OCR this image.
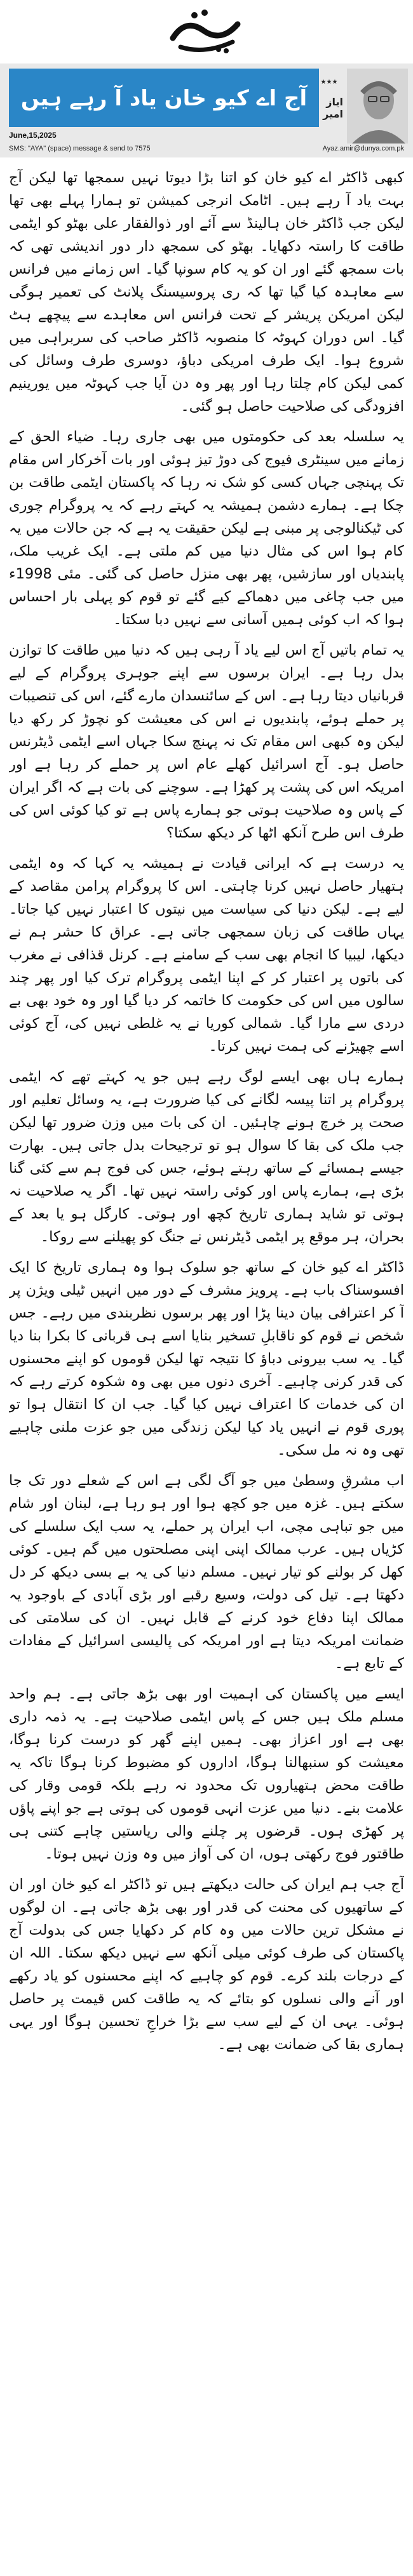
آج اے کیو خان یاد آ رہے ہیں
★★★
ایاز امیر
June,15,2025
SMS: "AYA" (space) message & send to 7575	Ayaz.amir@dunya.com.pk

کبھی ڈاکٹر اے کیو خان کو اتنا بڑا دیوتا نہیں سمجھا تھا لیکن آج بہت یاد آ رہے ہیں۔ اٹامک انرجی کمیشن تو ہمارا پہلے بھی تھا لیکن جب ڈاکٹر خان ہالینڈ سے آئے اور ذوالفقار علی بھٹو کو ایٹمی طاقت کا راستہ دکھایا۔ بھٹو کی سمجھ دار دور اندیشی تھی کہ بات سمجھ گئے اور ان کو یہ کام سونپا گیا۔ اس زمانے میں فرانس سے معاہدہ کیا گیا تھا کہ ری پروسیسنگ پلانٹ کی تعمیر ہوگی لیکن امریکن پریشر کے تحت فرانس اس معاہدے سے پیچھے ہٹ گیا۔ اس دوران کہوٹہ کا منصوبہ ڈاکٹر صاحب کی سربراہی میں شروع ہوا۔ ایک طرف امریکی دباؤ، دوسری طرف وسائل کی کمی لیکن کام چلتا رہا اور پھر وہ دن آیا جب کہوٹہ میں یورینیم افزودگی کی صلاحیت حاصل ہو گئی۔

یہ سلسلہ بعد کی حکومتوں میں بھی جاری رہا۔ ضیاء الحق کے زمانے میں سینٹری فیوج کی دوڑ تیز ہوئی اور بات آخرکار اس مقام تک پہنچی جہاں کسی کو شک نہ رہا کہ پاکستان ایٹمی طاقت بن چکا ہے۔ ہمارے دشمن ہمیشہ یہ کہتے رہے کہ یہ پروگرام چوری کی ٹیکنالوجی پر مبنی ہے لیکن حقیقت یہ ہے کہ جن حالات میں یہ کام ہوا اس کی مثال دنیا میں کم ملتی ہے۔ ایک غریب ملک، پابندیاں اور سازشیں، پھر بھی منزل حاصل کی گئی۔ مئی 1998ء میں جب چاغی میں دھماکے کیے گئے تو قوم کو پہلی بار احساس ہوا کہ اب کوئی ہمیں آسانی سے نہیں دبا سکتا۔

یہ تمام باتیں آج اس لیے یاد آ رہی ہیں کہ دنیا میں طاقت کا توازن بدل رہا ہے۔ ایران برسوں سے اپنے جوہری پروگرام کے لیے قربانیاں دیتا رہا ہے۔ اس کے سائنسدان مارے گئے، اس کی تنصیبات پر حملے ہوئے، پابندیوں نے اس کی معیشت کو نچوڑ کر رکھ دیا لیکن وہ کبھی اس مقام تک نہ پہنچ سکا جہاں اسے ایٹمی ڈیٹرنس حاصل ہو۔ آج اسرائیل کھلے عام اس پر حملے کر رہا ہے اور امریکہ اس کی پشت پر کھڑا ہے۔ سوچنے کی بات ہے کہ اگر ایران کے پاس وہ صلاحیت ہوتی جو ہمارے پاس ہے تو کیا کوئی اس کی طرف اس طرح آنکھ اٹھا کر دیکھ سکتا؟

یہ درست ہے کہ ایرانی قیادت نے ہمیشہ یہ کہا کہ وہ ایٹمی ہتھیار حاصل نہیں کرنا چاہتی۔ اس کا پروگرام پرامن مقاصد کے لیے ہے۔ لیکن دنیا کی سیاست میں نیتوں کا اعتبار نہیں کیا جاتا۔ یہاں طاقت کی زبان سمجھی جاتی ہے۔ عراق کا حشر ہم نے دیکھا، لیبیا کا انجام بھی سب کے سامنے ہے۔ کرنل قذافی نے مغرب کی باتوں پر اعتبار کر کے اپنا ایٹمی پروگرام ترک کیا اور پھر چند سالوں میں اس کی حکومت کا خاتمہ کر دیا گیا اور وہ خود بھی بے دردی سے مارا گیا۔ شمالی کوریا نے یہ غلطی نہیں کی، آج کوئی اسے چھیڑنے کی ہمت نہیں کرتا۔

ہمارے ہاں بھی ایسے لوگ رہے ہیں جو یہ کہتے تھے کہ ایٹمی پروگرام پر اتنا پیسہ لگانے کی کیا ضرورت ہے، یہ وسائل تعلیم اور صحت پر خرچ ہونے چاہئیں۔ ان کی بات میں وزن ضرور تھا لیکن جب ملک کی بقا کا سوال ہو تو ترجیحات بدل جاتی ہیں۔ بھارت جیسے ہمسائے کے ساتھ رہتے ہوئے، جس کی فوج ہم سے کئی گنا بڑی ہے، ہمارے پاس اور کوئی راستہ نہیں تھا۔ اگر یہ صلاحیت نہ ہوتی تو شاید ہماری تاریخ کچھ اور ہوتی۔ کارگل ہو یا بعد کے بحران، ہر موقع پر ایٹمی ڈیٹرنس نے جنگ کو پھیلنے سے روکا۔

ڈاکٹر اے کیو خان کے ساتھ جو سلوک ہوا وہ ہماری تاریخ کا ایک افسوسناک باب ہے۔ پرویز مشرف کے دور میں انہیں ٹیلی ویژن پر آ کر اعترافی بیان دینا پڑا اور پھر برسوں نظربندی میں رہے۔ جس شخص نے قوم کو ناقابلِ تسخیر بنایا اسے ہی قربانی کا بکرا بنا دیا گیا۔ یہ سب بیرونی دباؤ کا نتیجہ تھا لیکن قوموں کو اپنے محسنوں کی قدر کرنی چاہیے۔ آخری دنوں میں بھی وہ شکوہ کرتے رہے کہ ان کی خدمات کا اعتراف نہیں کیا گیا۔ جب ان کا انتقال ہوا تو پوری قوم نے انہیں یاد کیا لیکن زندگی میں جو عزت ملنی چاہیے تھی وہ نہ مل سکی۔

اب مشرقِ وسطیٰ میں جو آگ لگی ہے اس کے شعلے دور تک جا سکتے ہیں۔ غزہ میں جو کچھ ہوا اور ہو رہا ہے، لبنان اور شام میں جو تباہی مچی، اب ایران پر حملے، یہ سب ایک سلسلے کی کڑیاں ہیں۔ عرب ممالک اپنی اپنی مصلحتوں میں گم ہیں۔ کوئی کھل کر بولنے کو تیار نہیں۔ مسلم دنیا کی یہ بے بسی دیکھ کر دل دکھتا ہے۔ تیل کی دولت، وسیع رقبے اور بڑی آبادی کے باوجود یہ ممالک اپنا دفاع خود کرنے کے قابل نہیں۔ ان کی سلامتی کی ضمانت امریکہ دیتا ہے اور امریکہ کی پالیسی اسرائیل کے مفادات کے تابع ہے۔

ایسے میں پاکستان کی اہمیت اور بھی بڑھ جاتی ہے۔ ہم واحد مسلم ملک ہیں جس کے پاس ایٹمی صلاحیت ہے۔ یہ ذمہ داری بھی ہے اور اعزاز بھی۔ ہمیں اپنے گھر کو درست کرنا ہوگا، معیشت کو سنبھالنا ہوگا، اداروں کو مضبوط کرنا ہوگا تاکہ یہ طاقت محض ہتھیاروں تک محدود نہ رہے بلکہ قومی وقار کی علامت بنے۔ دنیا میں عزت انہی قوموں کی ہوتی ہے جو اپنے پاؤں پر کھڑی ہوں۔ قرضوں پر چلنے والی ریاستیں چاہے کتنی ہی طاقتور فوج رکھتی ہوں، ان کی آواز میں وہ وزن نہیں ہوتا۔

آج جب ہم ایران کی حالت دیکھتے ہیں تو ڈاکٹر اے کیو خان اور ان کے ساتھیوں کی محنت کی قدر اور بھی بڑھ جاتی ہے۔ ان لوگوں نے مشکل ترین حالات میں وہ کام کر دکھایا جس کی بدولت آج پاکستان کی طرف کوئی میلی آنکھ سے نہیں دیکھ سکتا۔ اللہ ان کے درجات بلند کرے۔ قوم کو چاہیے کہ اپنے محسنوں کو یاد رکھے اور آنے والی نسلوں کو بتائے کہ یہ طاقت کس قیمت پر حاصل ہوئی۔ یہی ان کے لیے سب سے بڑا خراجِ تحسین ہوگا اور یہی ہماری بقا کی ضمانت بھی ہے۔
